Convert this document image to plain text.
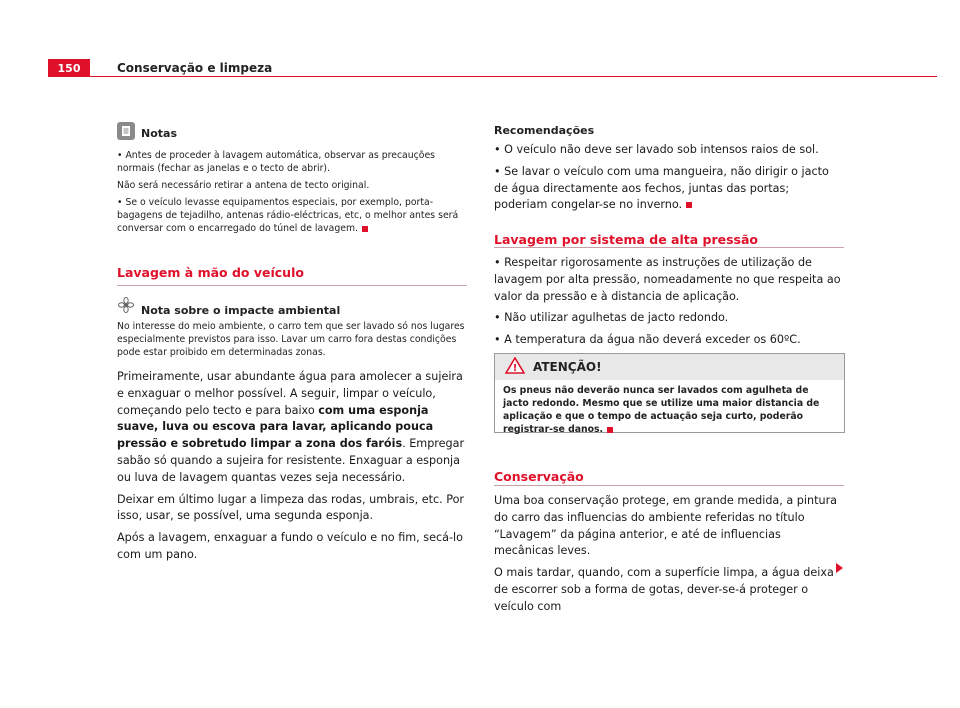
150	Conservação e limpeza
Notas

• Antes de proceder à lavagem automática, observar as precauções normais (fechar as janelas e o tecto de abrir).

Não será necessário retirar a antena de tecto original.

• Se o veículo levasse equipamentos especiais, por exemplo, porta-bagagens de tejadilho, antenas rádio-eléctricas, etc, o melhor antes será conversar com o encarregado do túnel de lavagem.

Lavagem à mão do veículo
Nota sobre o impacte ambiental

No interesse do meio ambiente, o carro tem que ser lavado só nos lugares especialmente previstos para isso. Lavar um carro fora destas condições pode estar proibido em determinadas zonas.

Primeiramente, usar abundante água para amolecer a sujeira e enxaguar o melhor possível. A seguir, limpar o veículo, começando pelo tecto e para baixo com uma esponja suave, luva ou escova para lavar, aplicando pouca pressão e sobretudo limpar a zona dos faróis. Empregar sabão só quando a sujeira for resistente. Enxaguar a esponja ou luva de lavagem quantas vezes seja necessário.

Deixar em último lugar a limpeza das rodas, umbrais, etc. Por isso, usar, se possível, uma segunda esponja.

Após a lavagem, enxaguar a fundo o veículo e no fim, secá-lo com um pano.

Recomendações

• O veículo não deve ser lavado sob intensos raios de sol.

• Se lavar o veículo com uma mangueira, não dirigir o jacto de água directamente aos fechos, juntas das portas; poderiam congelar-se no inverno.

Lavagem por sistema de alta pressão

• Respeitar rigorosamente as instruções de utilização de lavagem por alta pressão, nomeadamente no que respeita ao valor da pressão e à distancia de aplicação.

• Não utilizar agulhetas de jacto redondo.

• A temperatura da água não deverá exceder os 60ºC.

Conservação

Uma boa conservação protege, em grande medida, a pintura do carro das influencias do ambiente referidas no título “Lavagem” da página anterior, e até de influencias mecânicas leves.

O mais tardar, quando, com a superfície limpa, a água deixa de escorrer sob a forma de gotas, dever-se-á proteger o veículo com

! ATENÇÃO!
Os pneus não deverão nunca ser lavados com agulheta de jacto redondo. Mesmo que se utilize uma maior distancia de aplicação e que o tempo de actuação seja curto, poderão registrar-se danos.
